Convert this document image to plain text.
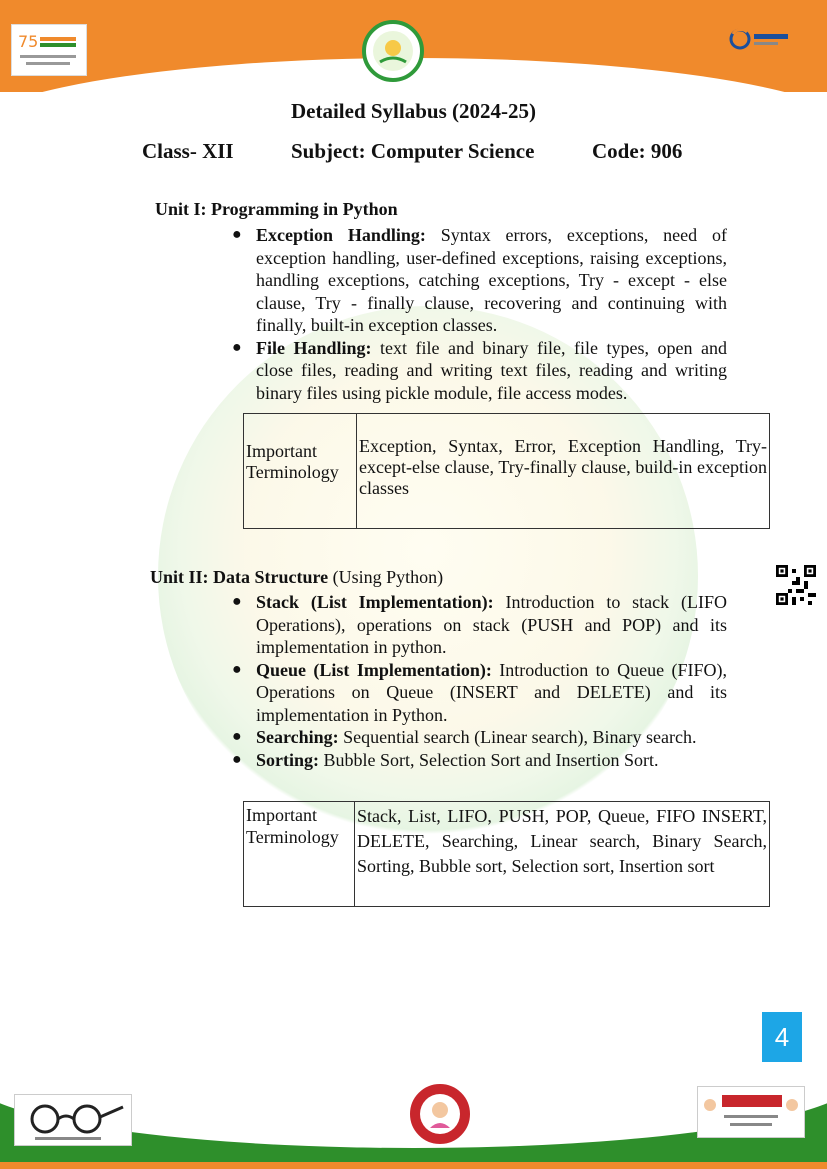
75
Detailed Syllabus (2024-25)
Class- XII	Subject: Computer Science	Code: 906
Unit I: Programming in Python
● Exception Handling: Syntax errors, exceptions, need of exception handling, user-defined exceptions, raising exceptions, handling exceptions, catching exceptions, Try - except - else clause, Try - finally clause, recovering and continuing with finally, built-in exception classes.
● File Handling: text file and binary file, file types, open and close files, reading and writing text files, reading and writing binary files using pickle module, file access modes.
Important Terminology	Exception, Syntax, Error, Exception Handling, Try-except-else clause, Try-finally clause, build-in exception classes
Unit II: Data Structure (Using Python)
● Stack (List Implementation): Introduction to stack (LIFO Operations), operations on stack (PUSH and POP) and its implementation in python.
● Queue (List Implementation): Introduction to Queue (FIFO), Operations on Queue (INSERT and DELETE) and its implementation in Python.
● Searching: Sequential search (Linear search), Binary search.
● Sorting: Bubble Sort, Selection Sort and Insertion Sort.
Important Terminology	Stack, List, LIFO, PUSH, POP, Queue, FIFO INSERT, DELETE, Searching, Linear search, Binary Search, Sorting, Bubble sort, Selection sort, Insertion sort
4
